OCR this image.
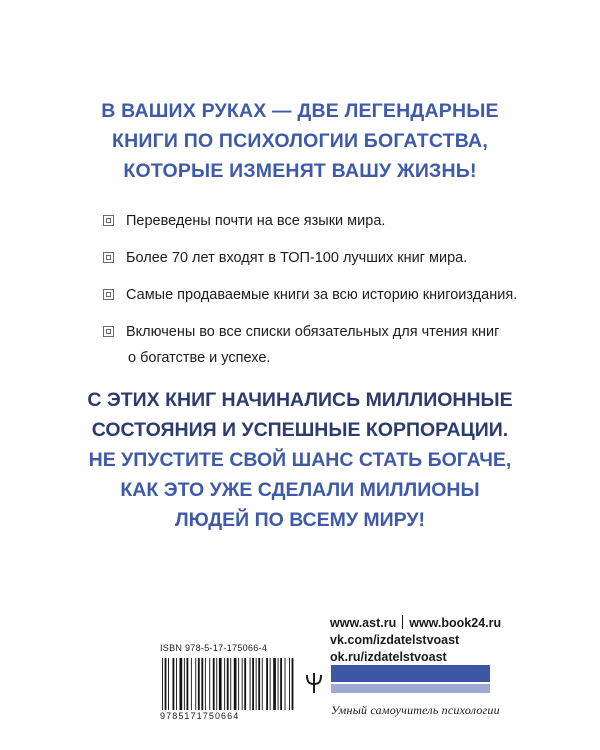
В ВАШИХ РУКАХ — ДВЕ ЛЕГЕНДАРНЫЕ
КНИГИ ПО ПСИХОЛОГИИ БОГАТСТВА,
КОТОРЫЕ ИЗМЕНЯТ ВАШУ ЖИЗНЬ!
Переведены почти на все языки мира.
Более 70 лет входят в ТОП-100 лучших книг мира.
Самые продаваемые книги за всю историю книгоиздания.
Включены во все списки обязательных для чтения книг
о богатстве и успехе.
С ЭТИХ КНИГ НАЧИНАЛИСЬ МИЛЛИОННЫЕ
СОСТОЯНИЯ И УСПЕШНЫЕ КОРПОРАЦИИ.
НЕ УПУСТИТЕ СВОЙ ШАНС СТАТЬ БОГАЧЕ,
КАК ЭТО УЖЕ СДЕЛАЛИ МИЛЛИОНЫ
ЛЮДЕЙ ПО ВСЕМУ МИРУ!
ISBN 978-5-17-175066-4
9785171750664
www.ast.ru www.book24.ru
vk.com/izdatelstvoast
ok.ru/izdatelstvoast
Умный самоучитель психологии
